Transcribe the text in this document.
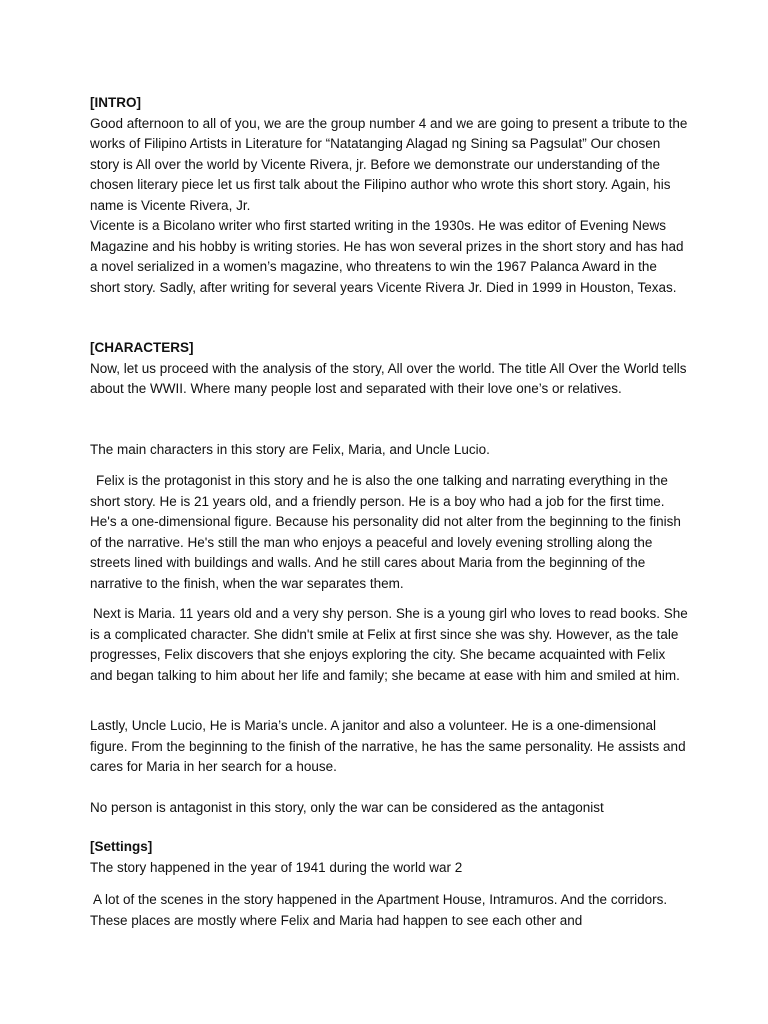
[INTRO]

Good afternoon to all of you, we are the group number 4 and we are going to present a tribute to the works of Filipino Artists in Literature for “Natatanging Alagad ng Sining sa Pagsulat” Our chosen story is All over the world by Vicente Rivera, jr. Before we demonstrate our understanding of the chosen literary piece let us first talk about the Filipino author who wrote this short story. Again, his name is Vicente Rivera, Jr.

Vicente is a Bicolano writer who first started writing in the 1930s. He was editor of Evening News Magazine and his hobby is writing stories. He has won several prizes in the short story and has had a novel serialized in a women’s magazine, who threatens to win the 1967 Palanca Award in the short story. Sadly, after writing for several years Vicente Rivera Jr. Died in 1999 in Houston, Texas.

[CHARACTERS]

Now, let us proceed with the analysis of the story, All over the world. The title All Over the World tells about the WWII. Where many people lost and separated with their love one’s or relatives.

The main characters in this story are Felix, Maria, and Uncle Lucio.

Felix is the protagonist in this story and he is also the one talking and narrating everything in the short story. He is 21 years old, and a friendly person. He is a boy who had a job for the first time. He's a one-dimensional figure. Because his personality did not alter from the beginning to the finish of the narrative. He's still the man who enjoys a peaceful and lovely evening strolling along the streets lined with buildings and walls. And he still cares about Maria from the beginning of the narrative to the finish, when the war separates them.

Next is Maria. 11 years old and a very shy person. She is a young girl who loves to read books. She is a complicated character. She didn't smile at Felix at first since she was shy. However, as the tale progresses, Felix discovers that she enjoys exploring the city. She became acquainted with Felix and began talking to him about her life and family; she became at ease with him and smiled at him.

Lastly, Uncle Lucio, He is Maria’s uncle. A janitor and also a volunteer. He is a one-dimensional figure. From the beginning to the finish of the narrative, he has the same personality. He assists and cares for Maria in her search for a house.

No person is antagonist in this story, only the war can be considered as the antagonist

[Settings]

The story happened in the year of 1941 during the world war 2

A lot of the scenes in the story happened in the Apartment House, Intramuros. And the corridors. These places are mostly where Felix and Maria had happen to see each other and
